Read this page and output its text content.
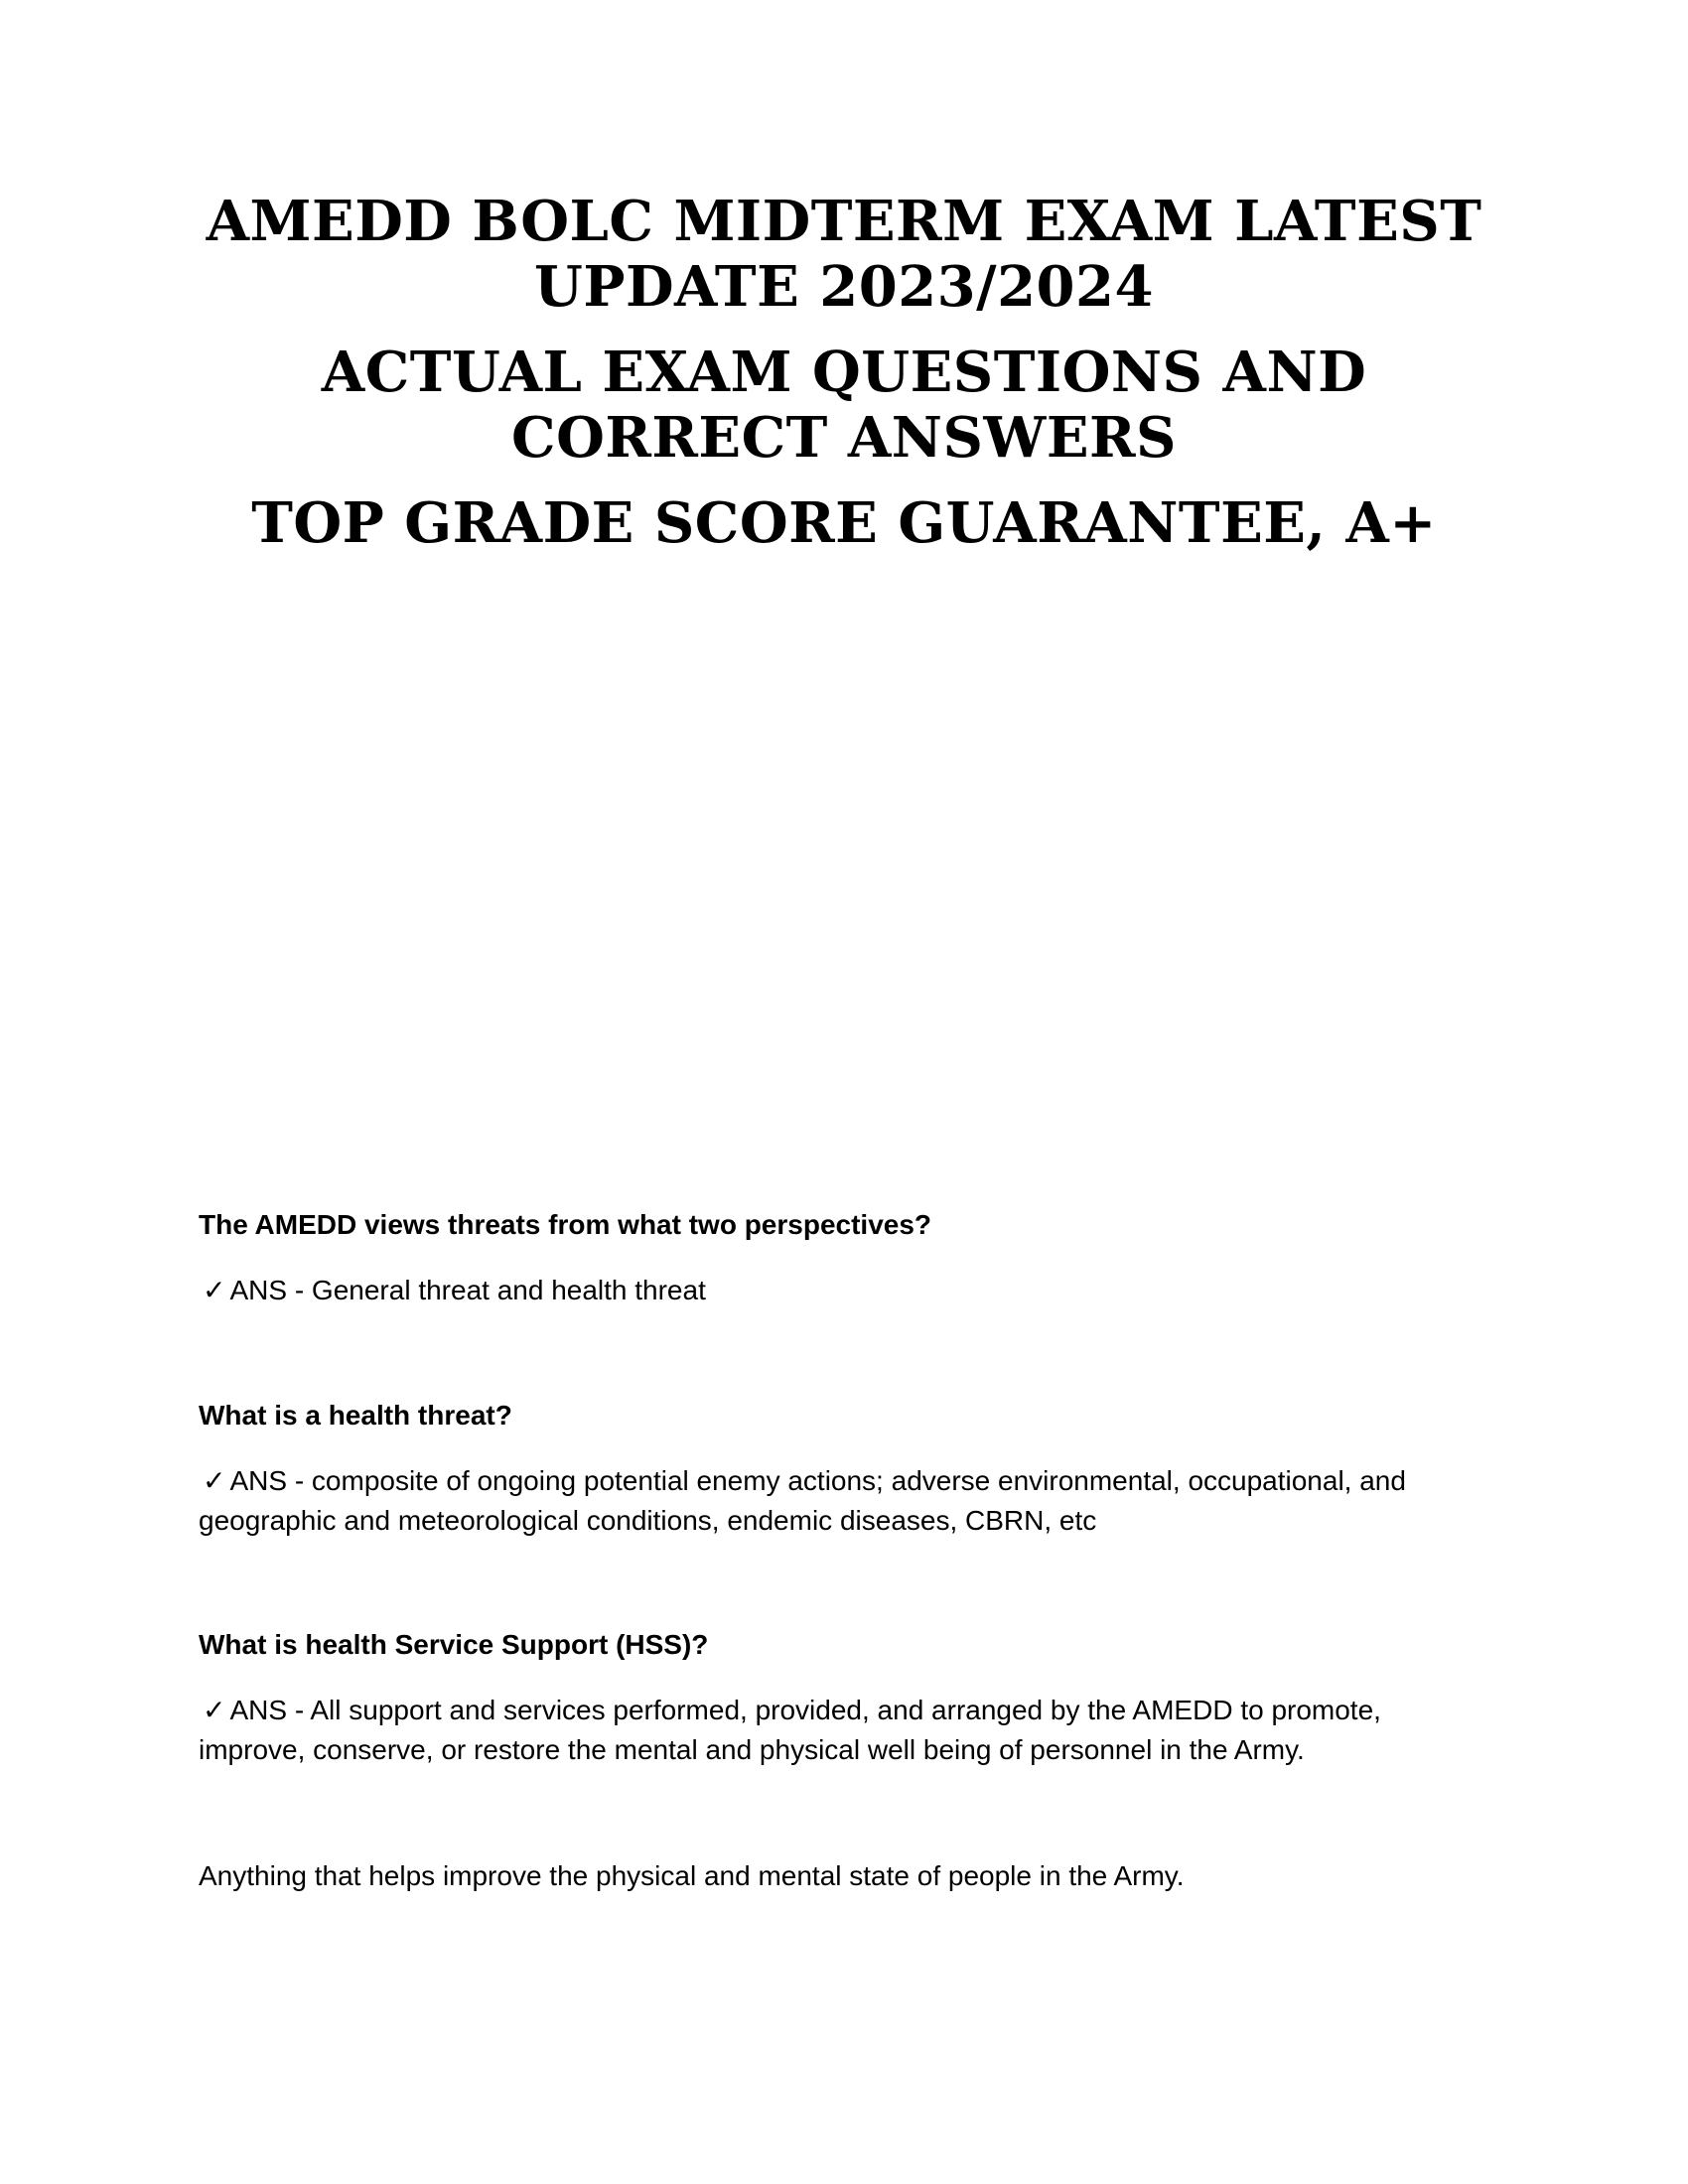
AMEDD BOLC MIDTERM EXAM LATEST
UPDATE 2023/2024
ACTUAL EXAM QUESTIONS AND
CORRECT ANSWERS
TOP GRADE SCORE GUARANTEE, A+
The AMEDD views threats from what two perspectives?
✓ ANS - General threat and health threat
What is a health threat?
✓ ANS - composite of ongoing potential enemy actions; adverse environmental, occupational, and geographic and meteorological conditions, endemic diseases, CBRN, etc
What is health Service Support (HSS)?
✓ ANS - All support and services performed, provided, and arranged by the AMEDD to promote, improve, conserve, or restore the mental and physical well being of personnel in the Army.
Anything that helps improve the physical and mental state of people in the Army.
